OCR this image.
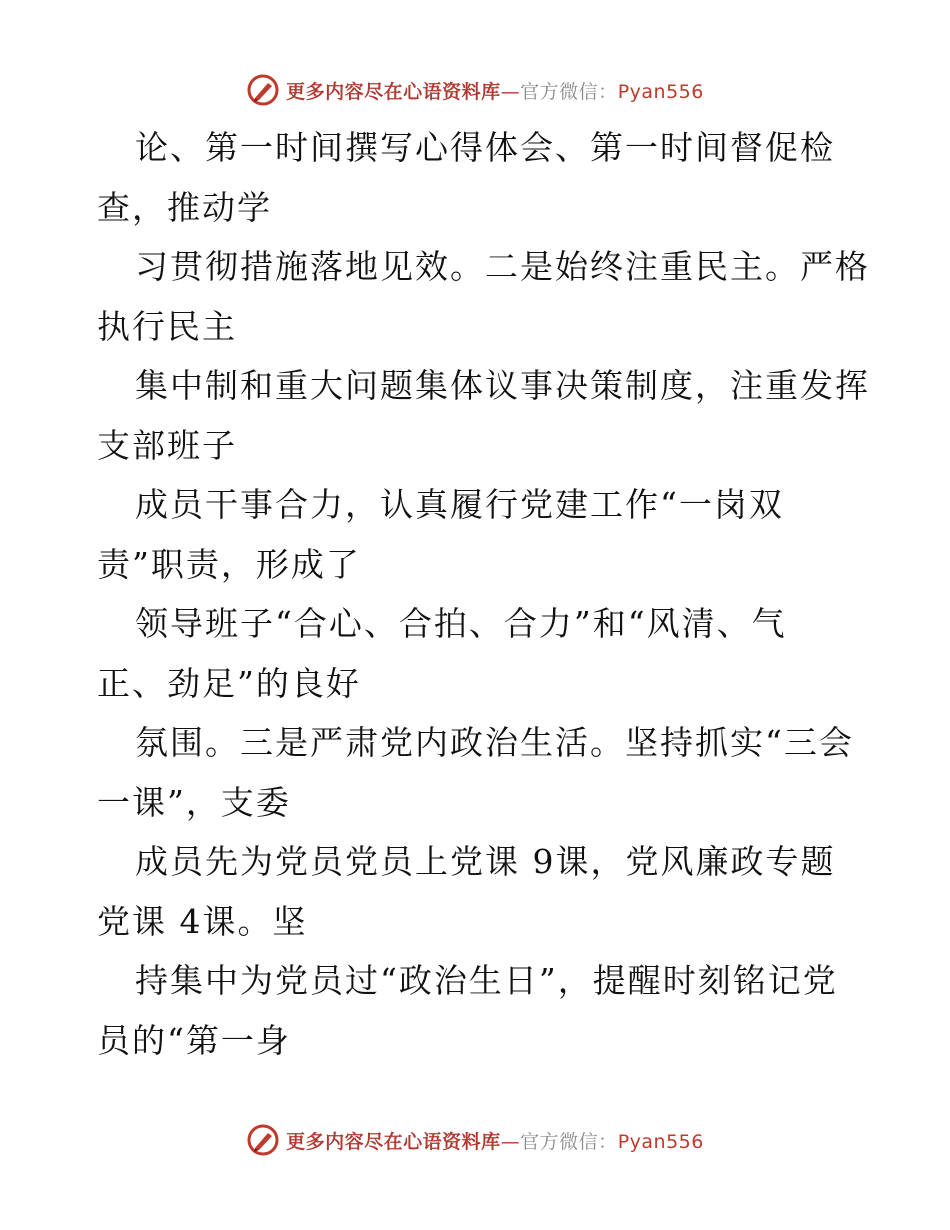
更多内容尽在心语资料库—官方微信：Pyan556
论、第一时间撰写心得体会、第一时间督促检
查，推动学
习贯彻措施落地见效。二是始终注重民主。严格
执行民主
集中制和重大问题集体议事决策制度，注重发挥
支部班子
成员干事合力，认真履行党建工作“一岗双
责”职责，形成了
领导班子“合心、合拍、合力”和“风清、气
正、劲足”的良好
氛围。三是严肃党内政治生活。坚持抓实“三会
一课”，支委
成员先为党员党员上党课 9课，党风廉政专题
党课 4课。坚
持集中为党员过“政治生日”，提醒时刻铭记党
员的“第一身
更多内容尽在心语资料库—官方微信：Pyan556
